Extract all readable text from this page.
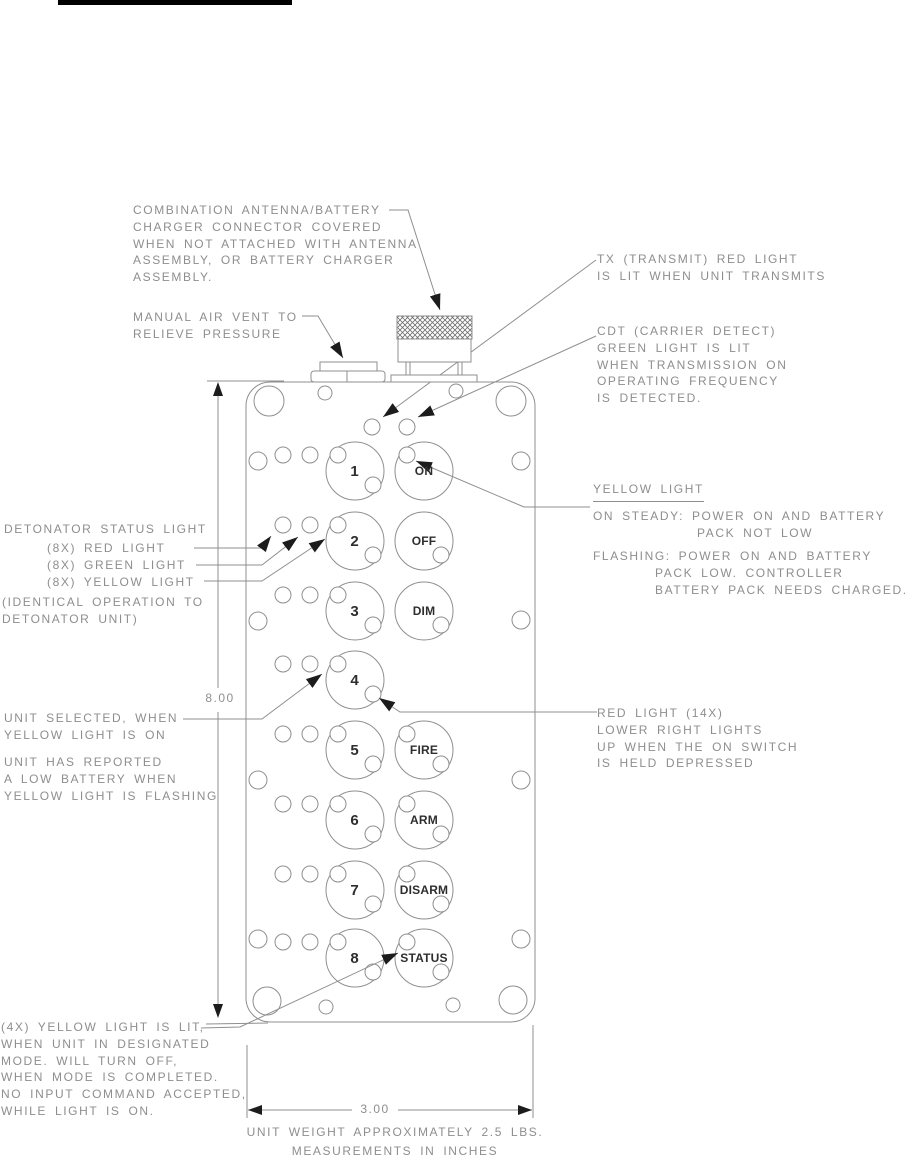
1	ON
2	OFF
3	DIM
4
5	FIRE
6	ARM
7	DISARM
8	STATUS
COMBINATION ANTENNA/BATTERY
CHARGER CONNECTOR COVERED
WHEN NOT ATTACHED WITH ANTENNA
ASSEMBLY, OR BATTERY CHARGER
ASSEMBLY.
MANUAL AIR VENT TO
RELIEVE PRESSURE
TX (TRANSMIT) RED LIGHT
IS LIT WHEN UNIT TRANSMITS
CDT (CARRIER DETECT)
GREEN LIGHT IS LIT
WHEN TRANSMISSION ON
OPERATING FREQUENCY
IS DETECTED.
DETONATOR STATUS LIGHT
(8X) RED LIGHT
(8X) GREEN LIGHT
(8X) YELLOW LIGHT
(IDENTICAL OPERATION TO
DETONATOR UNIT)
YELLOW LIGHT
ON STEADY: POWER ON AND BATTERY
PACK NOT LOW
FLASHING: POWER ON AND BATTERY
PACK LOW. CONTROLLER
BATTERY PACK NEEDS CHARGED.
UNIT SELECTED, WHEN
YELLOW LIGHT IS ON
UNIT HAS REPORTED
A LOW BATTERY WHEN
YELLOW LIGHT IS FLASHING
RED LIGHT (14X)
LOWER RIGHT LIGHTS
UP WHEN THE ON SWITCH
IS HELD DEPRESSED
(4X) YELLOW LIGHT IS LIT,
WHEN UNIT IN DESIGNATED
MODE. WILL TURN OFF,
WHEN MODE IS COMPLETED.
NO INPUT COMMAND ACCEPTED,
WHILE LIGHT IS ON.
8.00
3.00
UNIT WEIGHT APPROXIMATELY 2.5 LBS.
MEASUREMENTS IN INCHES
